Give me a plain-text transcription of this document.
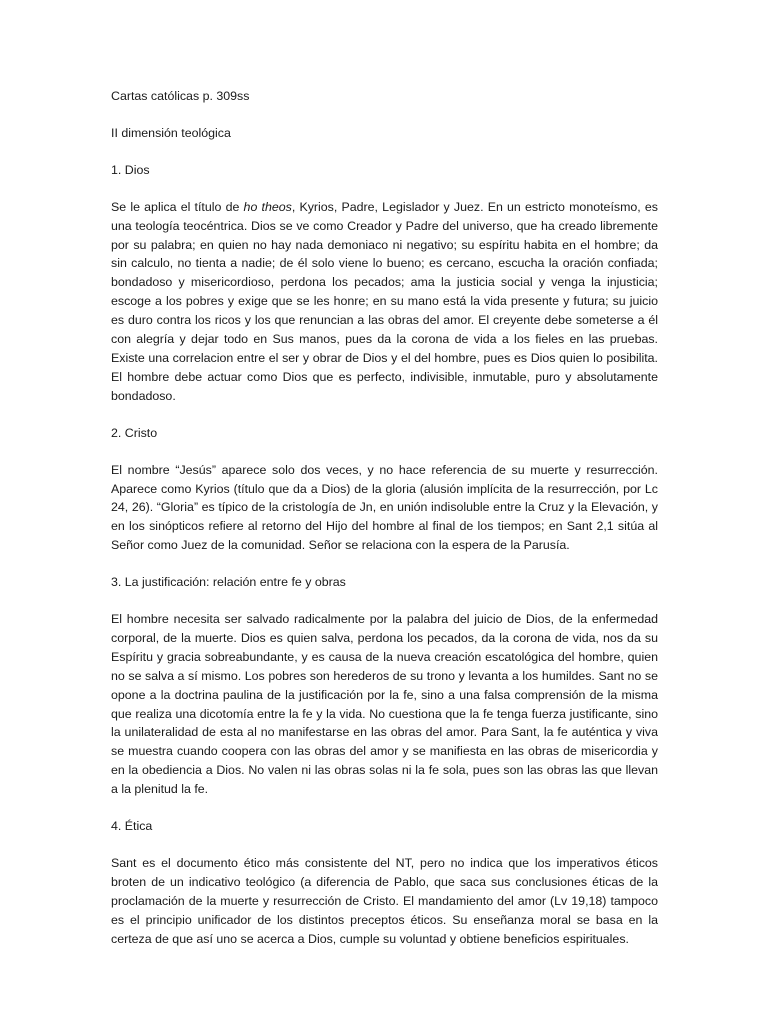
Cartas católicas p. 309ss
II dimensión teológica
1. Dios
Se le aplica el título de ho theos, Kyrios, Padre, Legislador y Juez. En un estricto monoteísmo, es una teología teocéntrica. Dios se ve como Creador y Padre del universo, que ha creado libremente por su palabra; en quien no hay nada demoniaco ni negativo; su espíritu habita en el hombre; da sin calculo, no tienta a nadie; de él solo viene lo bueno; es cercano, escucha la oración confiada; bondadoso y misericordioso, perdona los pecados; ama la justicia social y venga la injusticia; escoge a los pobres y exige que se les honre; en su mano está la vida presente y futura; su juicio es duro contra los ricos y los que renuncian a las obras del amor. El creyente debe someterse a él con alegría y dejar todo en Sus manos, pues da la corona de vida a los fieles en las pruebas. Existe una correlacion entre el ser y obrar de Dios y el del hombre, pues es Dios quien lo posibilita. El hombre debe actuar como Dios que es perfecto, indivisible, inmutable, puro y absolutamente bondadoso.
2. Cristo
El nombre “Jesús” aparece solo dos veces, y no hace referencia de su muerte y resurrección. Aparece como Kyrios (título que da a Dios) de la gloria (alusión implícita de la resurrección, por Lc 24, 26). “Gloria” es típico de la cristología de Jn, en unión indisoluble entre la Cruz y la Elevación, y en los sinópticos refiere al retorno del Hijo del hombre al final de los tiempos; en Sant 2,1 sitúa al Señor como Juez de la comunidad. Señor se relaciona con la espera de la Parusía.
3. La justificación: relación entre fe y obras
El hombre necesita ser salvado radicalmente por la palabra del juicio de Dios, de la enfermedad corporal, de la muerte. Dios es quien salva, perdona los pecados, da la corona de vida, nos da su Espíritu y gracia sobreabundante, y es causa de la nueva creación escatológica del hombre, quien no se salva a sí mismo. Los pobres son herederos de su trono y levanta a los humildes. Sant no se opone a la doctrina paulina de la justificación por la fe, sino a una falsa comprensión de la misma que realiza una dicotomía entre la fe y la vida. No cuestiona que la fe tenga fuerza justificante, sino la unilateralidad de esta al no manifestarse en las obras del amor. Para Sant, la fe auténtica y viva se muestra cuando coopera con las obras del amor y se manifiesta en las obras de misericordia y en la obediencia a Dios. No valen ni las obras solas ni la fe sola, pues son las obras las que llevan a la plenitud la fe.
4. Ética
Sant es el documento ético más consistente del NT, pero no indica que los imperativos éticos broten de un indicativo teológico (a diferencia de Pablo, que saca sus conclusiones éticas de la proclamación de la muerte y resurrección de Cristo. El mandamiento del amor (Lv 19,18) tampoco es el principio unificador de los distintos preceptos éticos. Su enseñanza moral se basa en la certeza de que así uno se acerca a Dios, cumple su voluntad y obtiene beneficios espirituales.
